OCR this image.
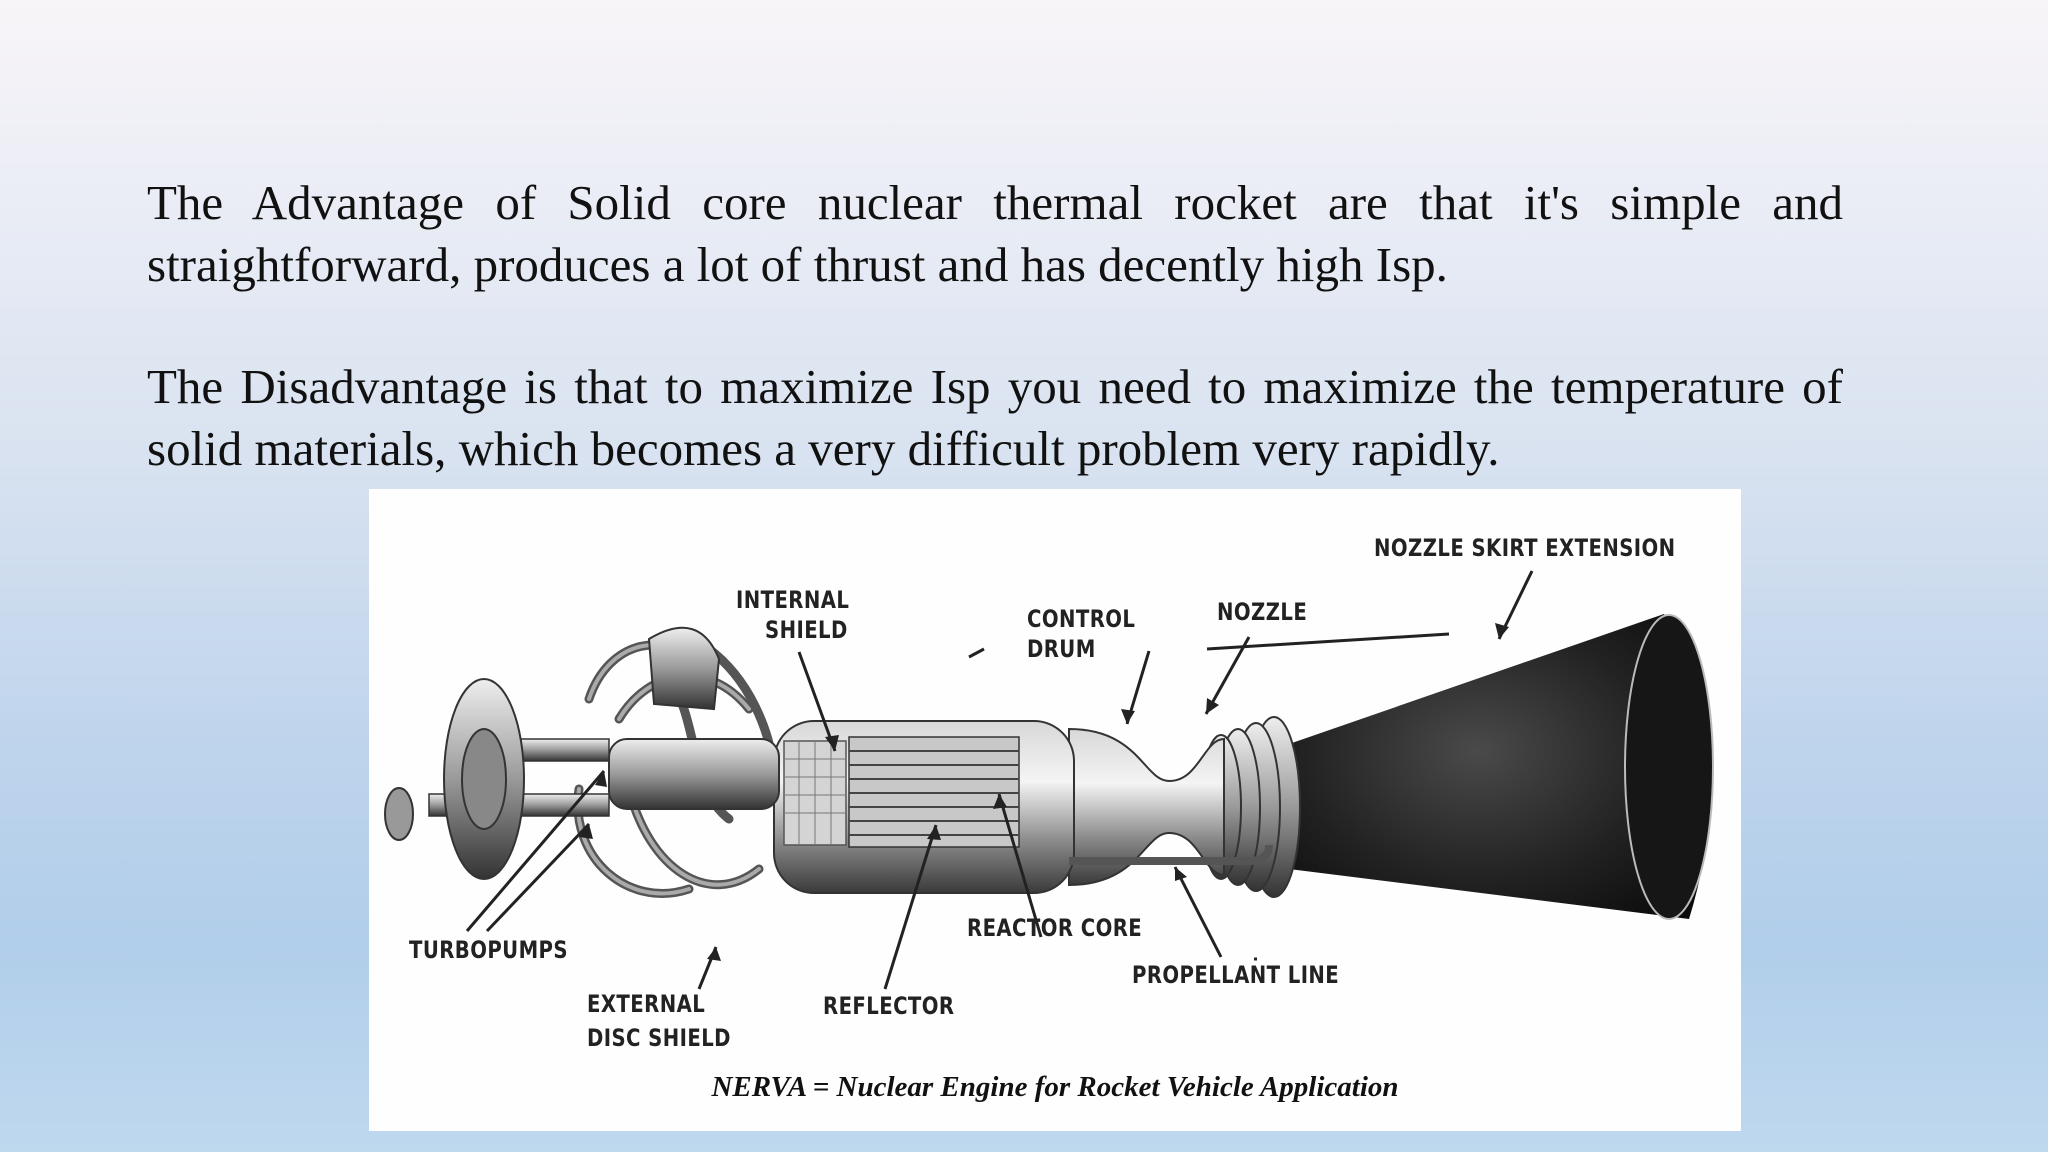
The Advantage of Solid core nuclear thermal rocket are that it's simple and straightforward, produces a lot of thrust and has decently high Isp.

The Disadvantage is that to maximize Isp you need to maximize the temperature of solid materials, which becomes a very difficult problem very rapidly.

NOZZLE SKIRT EXTENSION
INTERNAL
SHIELD	CONTROL
DRUM
NOZZLE
TURBOPUMPS
REACTOR CORE
PROPELLANT LINE
EXTERNAL
DISC SHIELD
REFLECTOR
NERVA = Nuclear Engine for Rocket Vehicle Application
